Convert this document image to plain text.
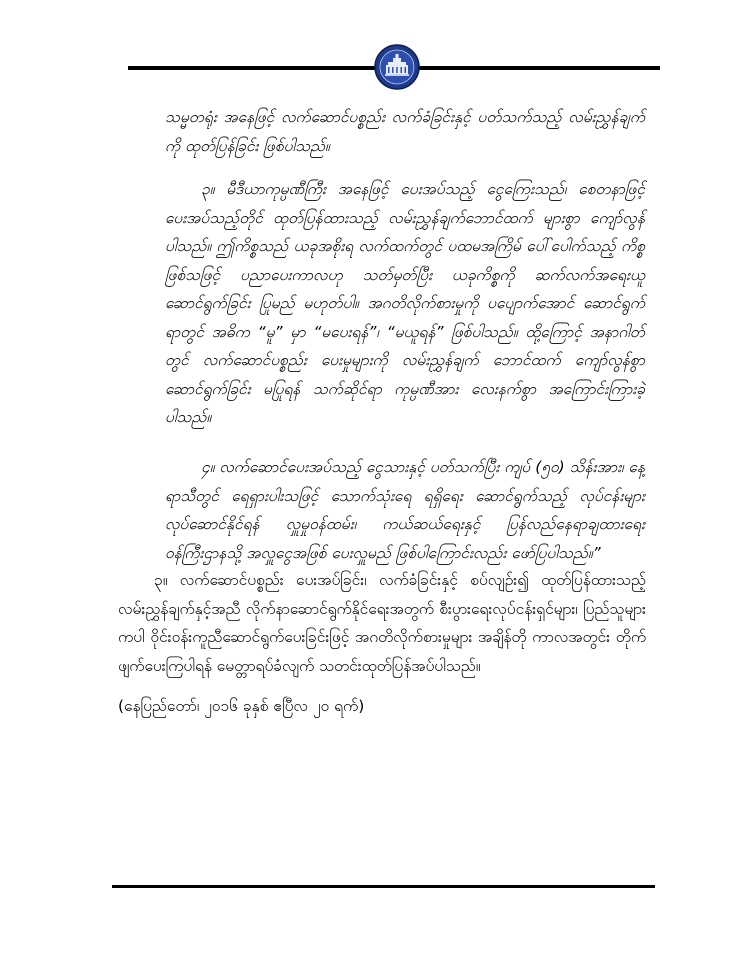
သမ္မတရုံး အနေဖြင့် လက်ဆောင်ပစ္စည်း လက်ခံခြင်းနှင့် ပတ်သက်သည့် လမ်းညွှန်ချက်ကို ထုတ်ပြန်ခြင်း ဖြစ်ပါသည်။

၃။ မီဒီယာကုမ္ပဏီကြီး အနေဖြင့် ပေးအပ်သည့် ငွေကြေးသည်၊ စေတနာဖြင့် ပေးအပ်သည့်တိုင် ထုတ်ပြန်ထားသည့် လမ်းညွှန်ချက်ဘောင်ထက် များစွာ ကျော်လွန် ပါသည်။ ဤကိစ္စသည် ယခုအစိုးရ လက်ထက်တွင် ပထမအကြိမ် ပေါ်ပေါက်သည့် ကိစ္စဖြစ်သဖြင့် ပညာပေးကာလဟု သတ်မှတ်ပြီး ယခုကိစ္စကို ဆက်လက်အရေးယူဆောင်ရွက်ခြင်း ပြုမည် မဟုတ်ပါ။ အဂတိလိုက်စားမှုကို ပပျောက်အောင် ဆောင်ရွက်ရာတွင် အဓိက “မူ” မှာ “မပေးရန်”၊ “မယူရန်” ဖြစ်ပါသည်။ ထို့ကြောင့် အနာဂါတ်တွင် လက်ဆောင်ပစ္စည်း ပေးမှုများကို လမ်းညွှန်ချက် ဘောင်ထက် ကျော်လွန်စွာ ဆောင်ရွက်ခြင်း မပြုရန် သက်ဆိုင်ရာ ကုမ္ပဏီအား လေးနက်စွာ အကြောင်းကြားခဲ့ပါသည်။

၄။ လက်ဆောင်ပေးအပ်သည့် ငွေသားနှင့် ပတ်သက်ပြီး ကျပ် (၅၀) သိန်းအား၊ နေ့ရာသီတွင် ရေရှားပါးသဖြင့် သောက်သုံးရေ ရရှိရေး ဆောင်ရွက်သည့် လုပ်ငန်းများ လုပ်ဆောင်နိုင်ရန် လှူမှုဝန်ထမ်း၊ ကယ်ဆယ်ရေးနှင့် ပြန်လည်နေရာချထားရေး ဝန်ကြီးဌာနသို့ အလှူငွေအဖြစ် ပေးလှူမည် ဖြစ်ပါကြောင်းလည်း ဖော်ပြပါသည်။”

၃။ လက်ဆောင်ပစ္စည်း ပေးအပ်ခြင်း၊ လက်ခံခြင်းနှင့် စပ်လျဉ်း၍ ထုတ်ပြန်ထားသည့် လမ်းညွှန်ချက်နှင့်အညီ လိုက်နာဆောင်ရွက်နိုင်ရေးအတွက် စီးပွားရေးလုပ်ငန်းရှင်များ၊ ပြည်သူများကပါ ဝိုင်းဝန်းကူညီဆောင်ရွက်ပေးခြင်းဖြင့် အဂတိလိုက်စားမှုများ အချိန်တို ကာလအတွင်း တိုက်ဖျက်ပေးကြပါရန် မေတ္တာရပ်ခံလျက် သတင်းထုတ်ပြန်အပ်ပါသည်။

(နေပြည်တော်၊ ၂၀၁၆ ခုနှစ် ဧပြီလ ၂၀ ရက်)
